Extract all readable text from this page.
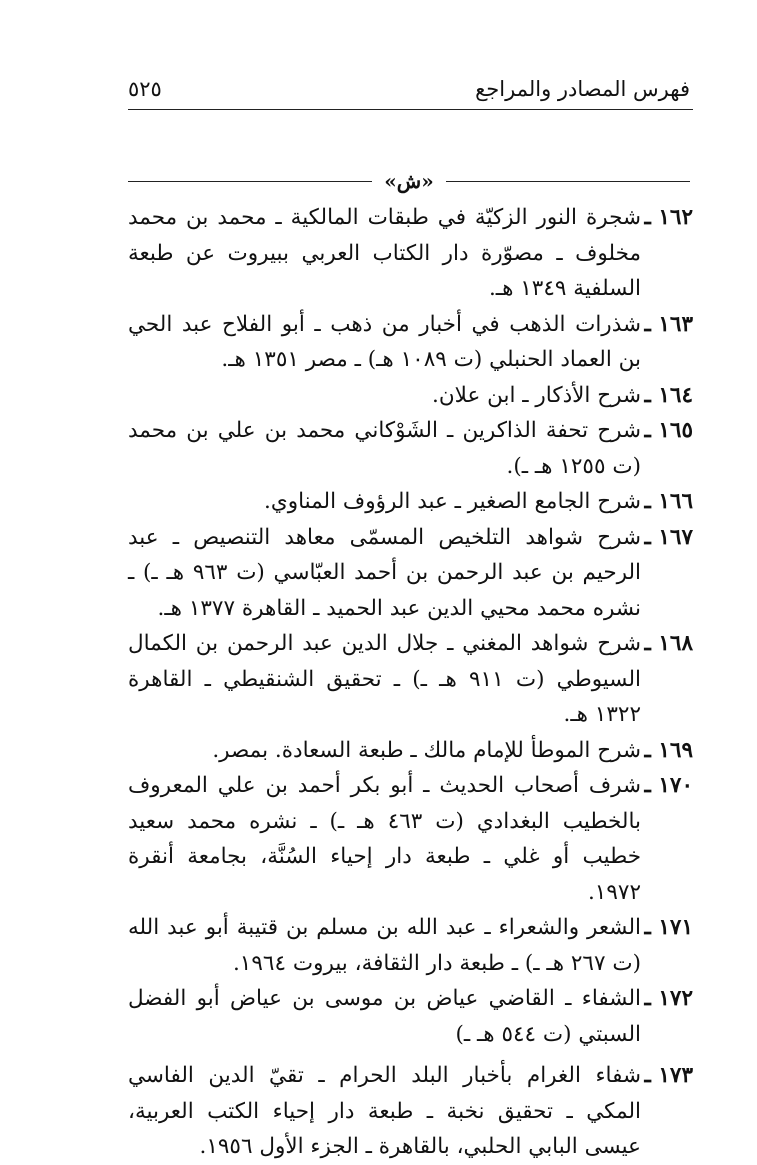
فهرس المصادر والمراجع
٥٢٥
«ش»

١٦٢ ـ
شجرة النور الزكيّة في طبقات المالكية ـ محمد بن محمد مخلوف ـ مصوّرة دار الكتاب العربي ببيروت عن طبعة السلفية ١٣٤٩ هـ.

١٦٣ ـ
شذرات الذهب في أخبار من ذهب ـ أبو الفلاح عبد الحي بن العماد الحنبلي (ت ١٠٨٩ هـ) ـ مصر ١٣٥١ هـ.

١٦٤ ـ
شرح الأذكار ـ ابن علان.

١٦٥ ـ
شرح تحفة الذاكرين ـ الشَوْكاني محمد بن علي بن محمد (ت ١٢٥٥ هـ ـ).

١٦٦ ـ
شرح الجامع الصغير ـ عبد الرؤوف المناوي.

١٦٧ ـ
شرح شواهد التلخيص المسمّى معاهد التنصيص ـ عبد الرحيم بن عبد الرحمن بن أحمد العبّاسي (ت ٩٦٣ هـ ـ) ـ نشره محمد محيي الدين عبد الحميد ـ القاهرة ١٣٧٧ هـ.

١٦٨ ـ
شرح شواهد المغني ـ جلال الدين عبد الرحمن بن الكمال السيوطي (ت ٩١١ هـ ـ) ـ تحقيق الشنقيطي ـ القاهرة ١٣٢٢ هـ.

١٦٩ ـ
شرح الموطأ للإمام مالك ـ طبعة السعادة. بمصر.

١٧٠ ـ
شرف أصحاب الحديث ـ أبو بكر أحمد بن علي المعروف بالخطيب البغدادي (ت ٤٦٣ هـ ـ) ـ نشره محمد سعيد خطيب أو غلي ـ طبعة دار إحياء السُنَّة، بجامعة أنقرة ١٩٧٢.

١٧١ ـ
الشعر والشعراء ـ عبد الله بن مسلم بن قتيبة أبو عبد الله (ت ٢٦٧ هـ ـ) ـ طبعة دار الثقافة، بيروت ١٩٦٤.

١٧٢ ـ
الشفاء ـ القاضي عياض بن موسى بن عياض أبو الفضل السبتي (ت ٥٤٤ هـ ـ)

١٧٣ ـ
شفاء الغرام بأخبار البلد الحرام ـ تقيّ الدين الفاسي المكي ـ تحقيق نخبة ـ طبعة دار إحياء الكتب العربية، عيسى البابي الحلبي، بالقاهرة ـ الجزء الأول ١٩٥٦.
